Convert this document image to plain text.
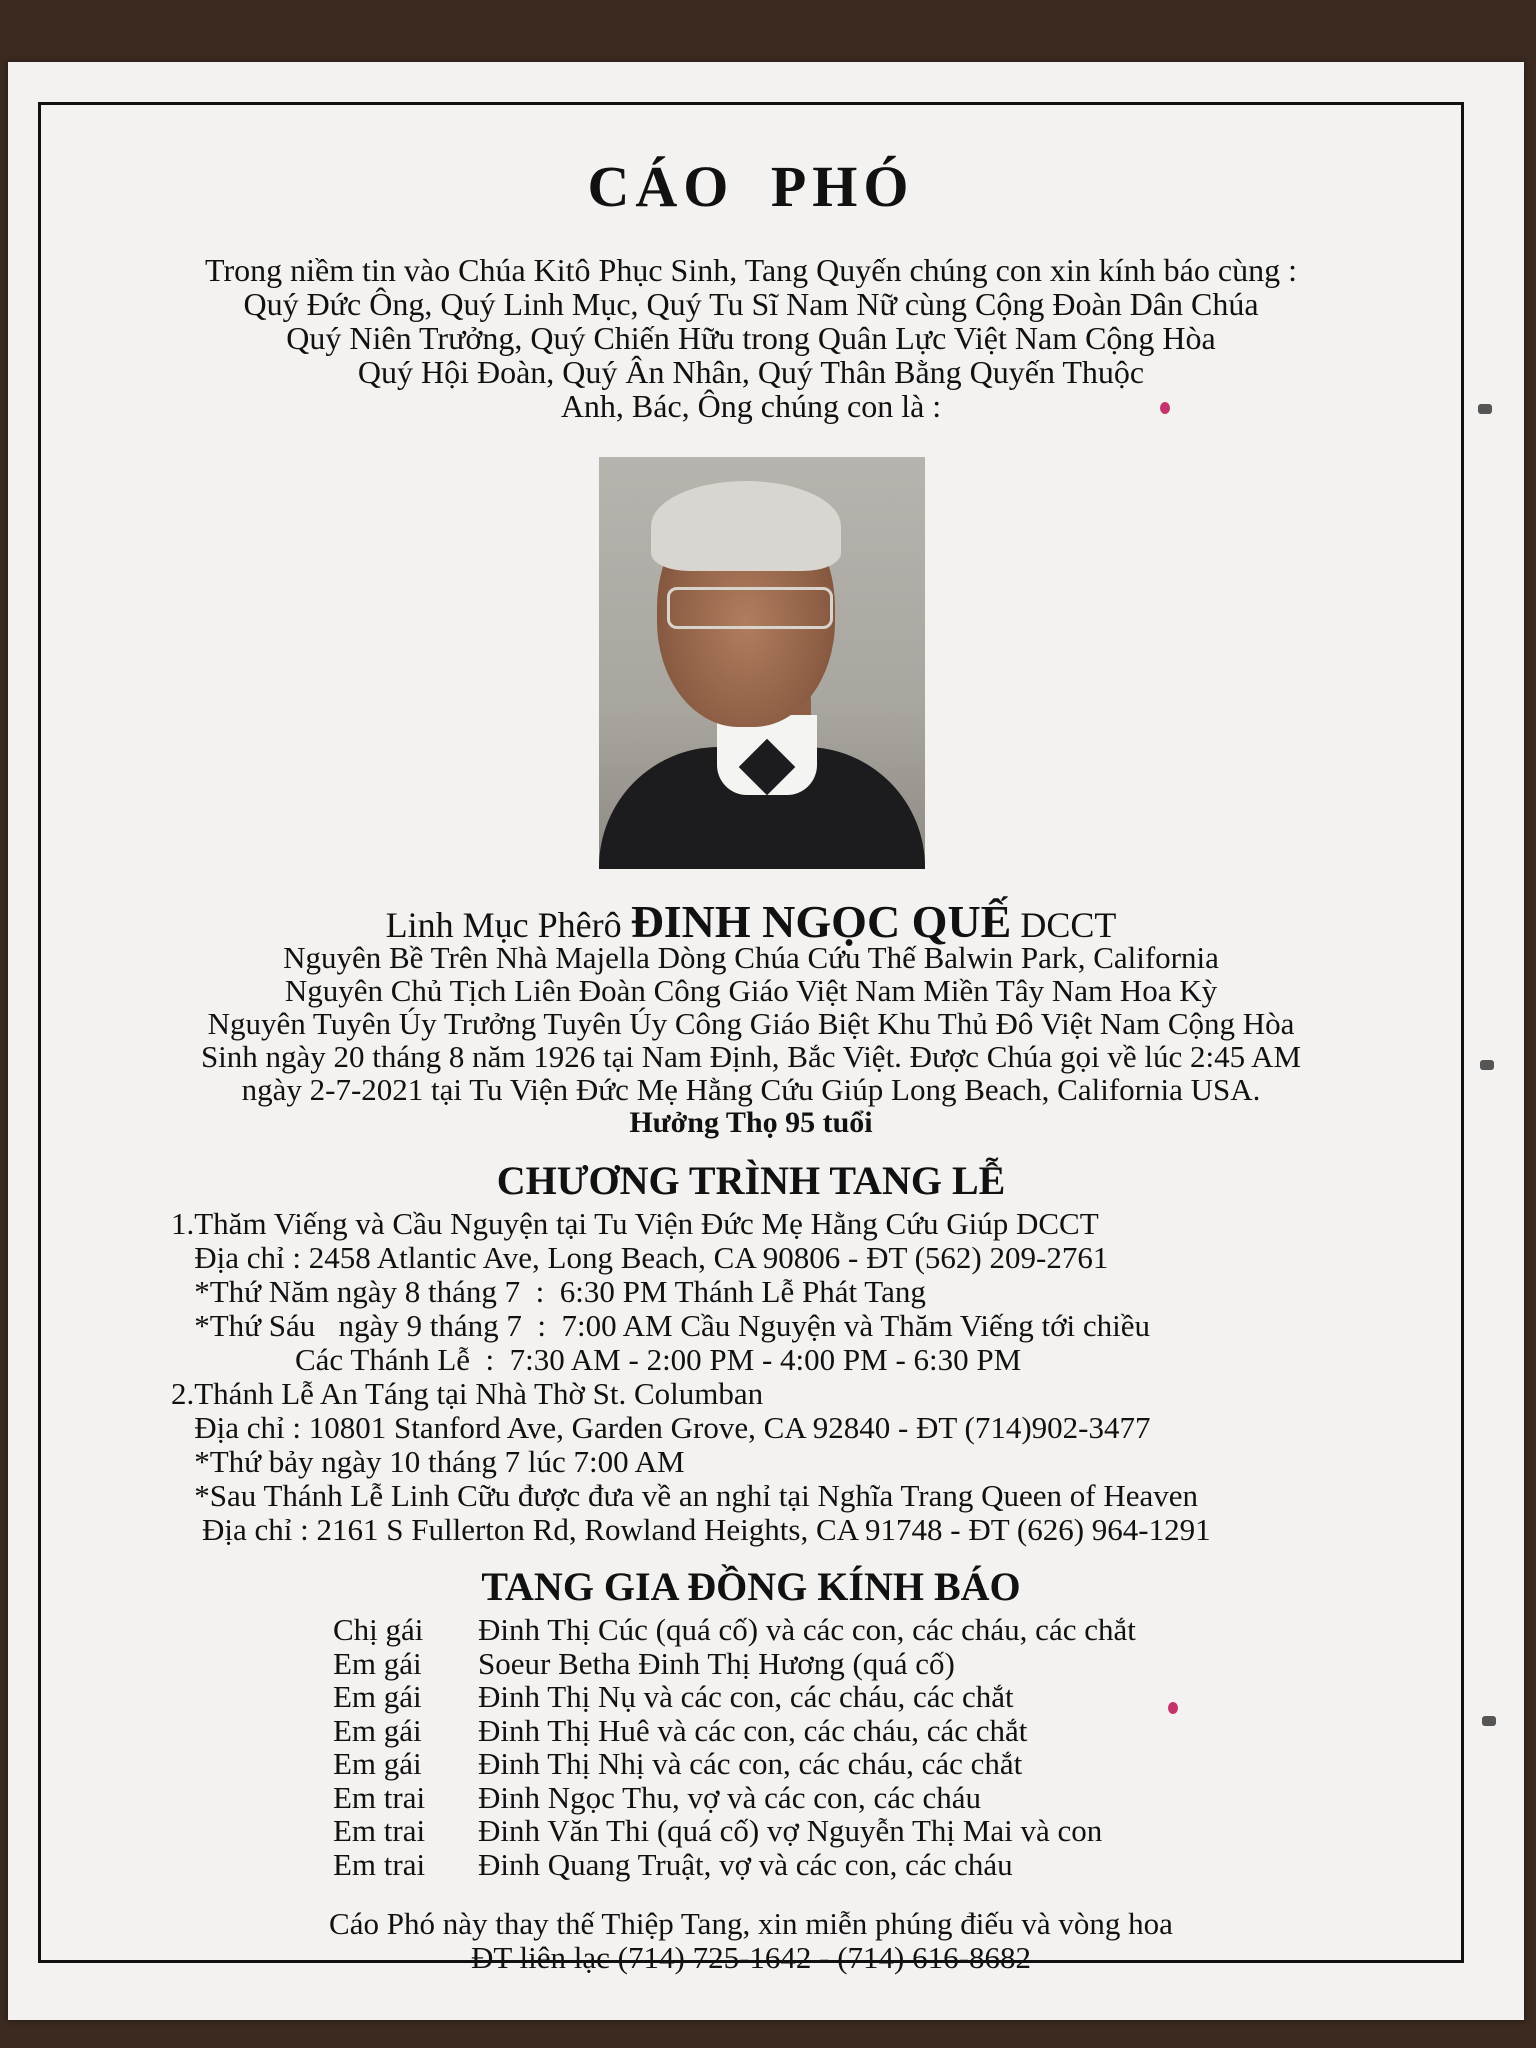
CÁO PHÓ
Trong niềm tin vào Chúa Kitô Phục Sinh, Tang Quyến chúng con xin kính báo cùng :
Quý Đức Ông, Quý Linh Mục, Quý Tu Sĩ Nam Nữ cùng Cộng Đoàn Dân Chúa
Quý Niên Trưởng, Quý Chiến Hữu trong Quân Lực Việt Nam Cộng Hòa
Quý Hội Đoàn, Quý Ân Nhân, Quý Thân Bằng Quyến Thuộc
Anh, Bác, Ông chúng con là :
Linh Mục Phêrô ĐINH NGỌC QUẾ DCCT
Nguyên Bề Trên Nhà Majella Dòng Chúa Cứu Thế Balwin Park, California
Nguyên Chủ Tịch Liên Đoàn Công Giáo Việt Nam Miền Tây Nam Hoa Kỳ
Nguyên Tuyên Úy Trưởng Tuyên Úy Công Giáo Biệt Khu Thủ Đô Việt Nam Cộng Hòa
Sinh ngày 20 tháng 8 năm 1926 tại Nam Định, Bắc Việt. Được Chúa gọi về lúc 2:45 AM
ngày 2-7-2021 tại Tu Viện Đức Mẹ Hằng Cứu Giúp Long Beach, California USA.
Hưởng Thọ 95 tuổi
CHƯƠNG TRÌNH TANG LỄ
1.Thăm Viếng và Cầu Nguyện tại Tu Viện Đức Mẹ Hằng Cứu Giúp DCCT
Địa chỉ : 2458 Atlantic Ave, Long Beach, CA 90806 - ĐT (562) 209-2761
*Thứ Năm ngày 8 tháng 7  :  6:30 PM Thánh Lễ Phát Tang
*Thứ Sáu   ngày 9 tháng 7  :  7:00 AM Cầu Nguyện và Thăm Viếng tới chiều
Các Thánh Lễ  :  7:30 AM - 2:00 PM - 4:00 PM - 6:30 PM
2.Thánh Lễ An Táng tại Nhà Thờ St. Columban
Địa chỉ : 10801 Stanford Ave, Garden Grove, CA 92840 - ĐT (714)902-3477
*Thứ bảy ngày 10 tháng 7 lúc 7:00 AM
*Sau Thánh Lễ Linh Cữu được đưa về an nghỉ tại Nghĩa Trang Queen of Heaven
Địa chỉ : 2161 S Fullerton Rd, Rowland Heights, CA 91748 - ĐT (626) 964-1291
TANG GIA ĐỒNG KÍNH BÁO
Chị gái	Đinh Thị Cúc (quá cố) và các con, các cháu, các chắt
Em gái	Soeur Betha Đinh Thị Hương (quá cố)
Em gái	Đinh Thị Nụ và các con, các cháu, các chắt
Em gái	Đinh Thị Huê và các con, các cháu, các chắt
Em gái	Đinh Thị Nhị và các con, các cháu, các chắt
Em trai	Đinh Ngọc Thu, vợ và các con, các cháu
Em trai	Đinh Văn Thi (quá cố) vợ Nguyễn Thị Mai và con
Em trai	Đinh Quang Truật, vợ và các con, các cháu
Cáo Phó này thay thế Thiệp Tang, xin miễn phúng điếu và vòng hoa
ĐT liên lạc (714) 725-1642 - (714) 616-8682
